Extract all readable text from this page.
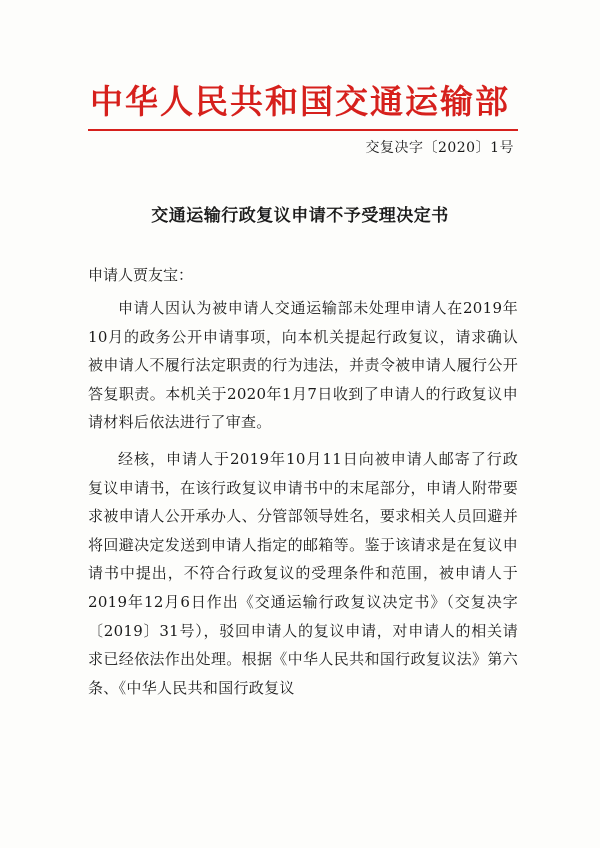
中华人民共和国交通运输部
交复决字〔2020〕1号
交通运输行政复议申请不予受理决定书
申请人贾友宝：

申请人因认为被申请人交通运输部未处理申请人在2019年10月的政务公开申请事项，向本机关提起行政复议，请求确认被申请人不履行法定职责的行为违法，并责令被申请人履行公开答复职责。本机关于2020年1月7日收到了申请人的行政复议申请材料后依法进行了审查。

经核，申请人于2019年10月11日向被申请人邮寄了行政复议申请书，在该行政复议申请书中的末尾部分，申请人附带要求被申请人公开承办人、分管部领导姓名，要求相关人员回避并将回避决定发送到申请人指定的邮箱等。鉴于该请求是在复议申请书中提出，不符合行政复议的受理条件和范围，被申请人于2019年12月6日作出《交通运输行政复议决定书》（交复决字〔2019〕31号），驳回申请人的复议申请，对申请人的相关请求已经依法作出处理。根据《中华人民共和国行政复议法》第六条、《中华人民共和国行政复议
